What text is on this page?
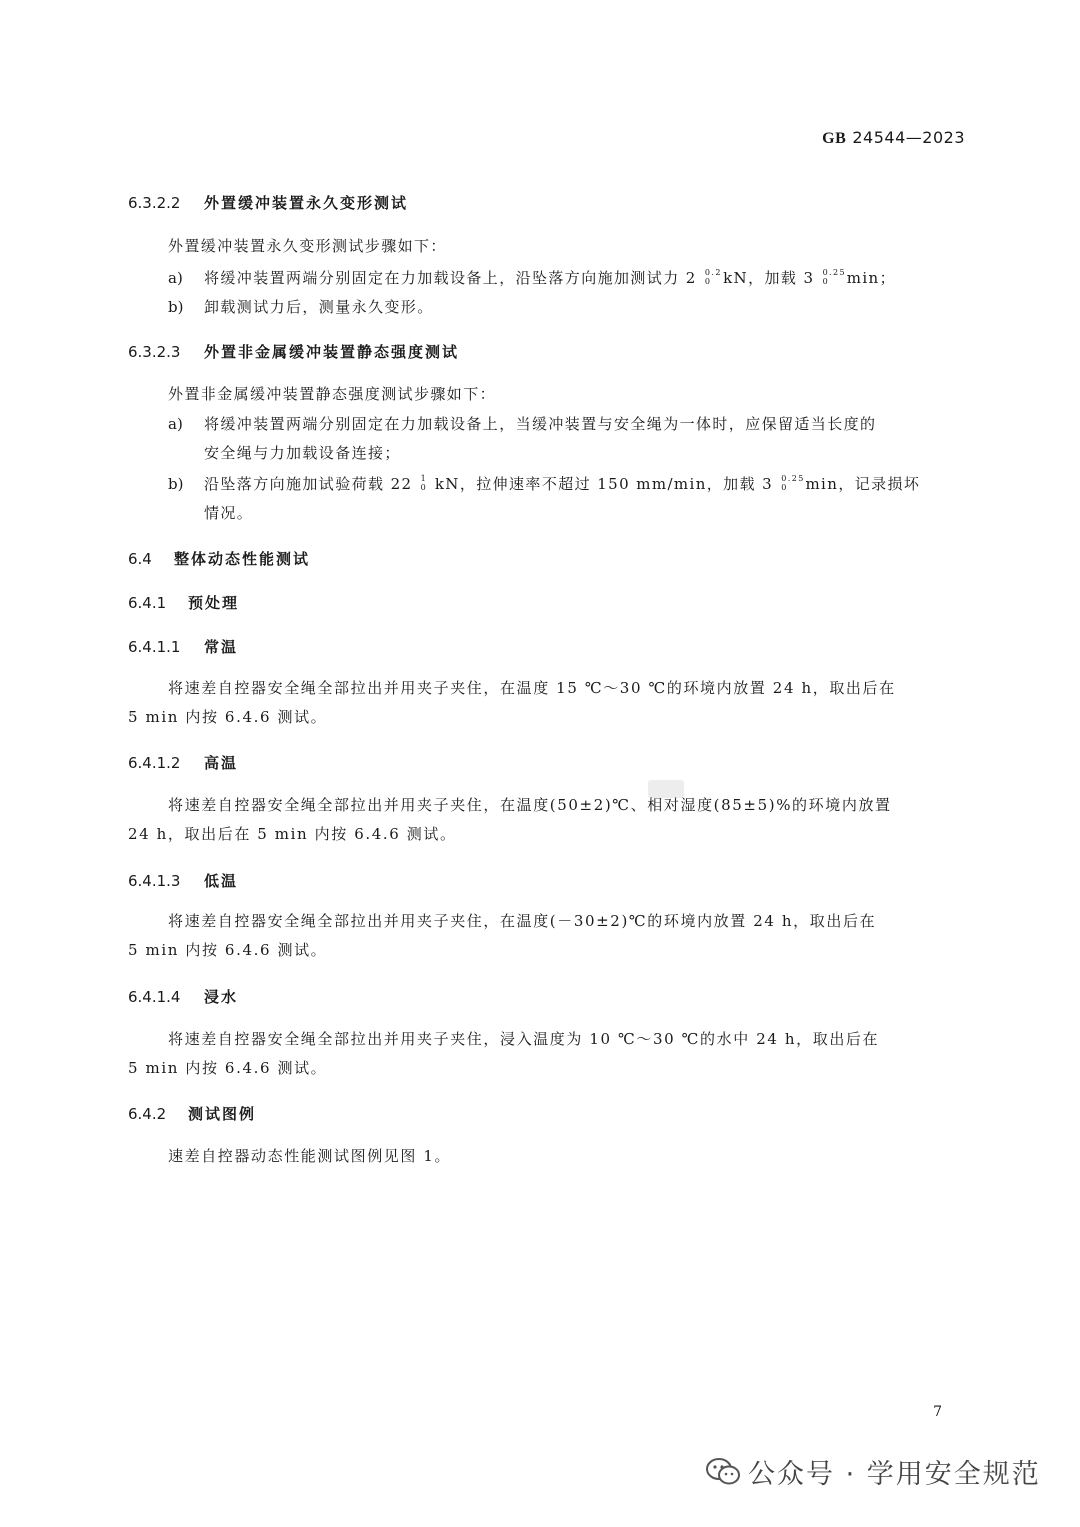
GB 24544—2023
6.3.2.2 外置缓冲装置永久变形测试
外置缓冲装置永久变形测试步骤如下：
a) 将缓冲装置两端分别固定在力加载设备上，沿坠落方向施加测试力 2 0.2
0 kN，加载 3 0.25
0 min；
b) 卸载测试力后，测量永久变形。
6.3.2.3 外置非金属缓冲装置静态强度测试
外置非金属缓冲装置静态强度测试步骤如下：
a) 将缓冲装置两端分别固定在力加载设备上，当缓冲装置与安全绳为一体时，应保留适当长度的
安全绳与力加载设备连接；
b) 沿坠落方向施加试验荷载 22 1
0 kN，拉伸速率不超过 150 mm/min，加载 3 0.25
0 min，记录损坏
情况。
6.4 整体动态性能测试
6.4.1 预处理
6.4.1.1 常温
将速差自控器安全绳全部拉出并用夹子夹住，在温度 15 ℃～30 ℃的环境内放置 24 h，取出后在
5 min 内按 6.4.6 测试。
6.4.1.2 高温
将速差自控器安全绳全部拉出并用夹子夹住，在温度(50±2)℃、相对湿度(85±5)%的环境内放置
24 h，取出后在 5 min 内按 6.4.6 测试。
6.4.1.3 低温
将速差自控器安全绳全部拉出并用夹子夹住，在温度(－30±2)℃的环境内放置 24 h，取出后在
5 min 内按 6.4.6 测试。
6.4.1.4 浸水
将速差自控器安全绳全部拉出并用夹子夹住，浸入温度为 10 ℃～30 ℃的水中 24 h，取出后在
5 min 内按 6.4.6 测试。
6.4.2 测试图例
速差自控器动态性能测试图例见图 1。
7
公众号 · 学用安全规范
